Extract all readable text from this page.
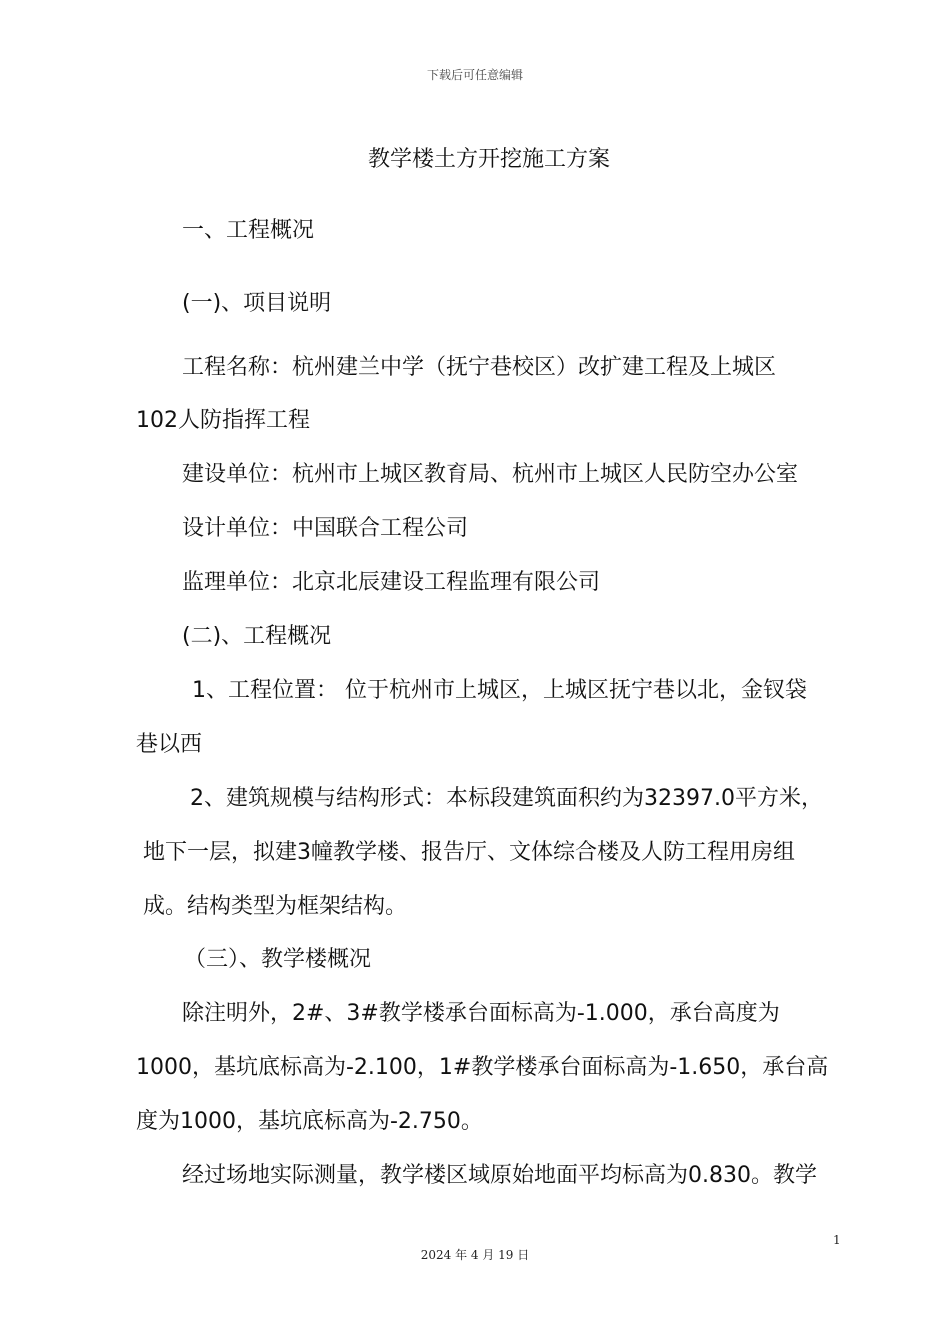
下载后可任意编辑
教学楼土方开挖施工方案
一、工程概况
(一)、项目说明
工程名称：杭州建兰中学（抚宁巷校区）改扩建工程及上城区
102人防指挥工程
建设单位：杭州市上城区教育局、杭州市上城区人民防空办公室
设计单位：中国联合工程公司
监理单位：北京北辰建设工程监理有限公司
(二)、工程概况
1、工程位置： 位于杭州市上城区，上城区抚宁巷以北，金钗袋
巷以西
2、建筑规模与结构形式：本标段建筑面积约为32397.0平方米，
地下一层，拟建3幢教学楼、报告厅、文体综合楼及人防工程用房组
成。结构类型为框架结构。
（三）、教学楼概况
除注明外，2#、3#教学楼承台面标高为-1.000，承台高度为
1000，基坑底标高为-2.100，1#教学楼承台面标高为-1.650，承台高
度为1000，基坑底标高为-2.750。
经过场地实际测量，教学楼区域原始地面平均标高为0.830。教学
1
2024 年 4 月 19 日
